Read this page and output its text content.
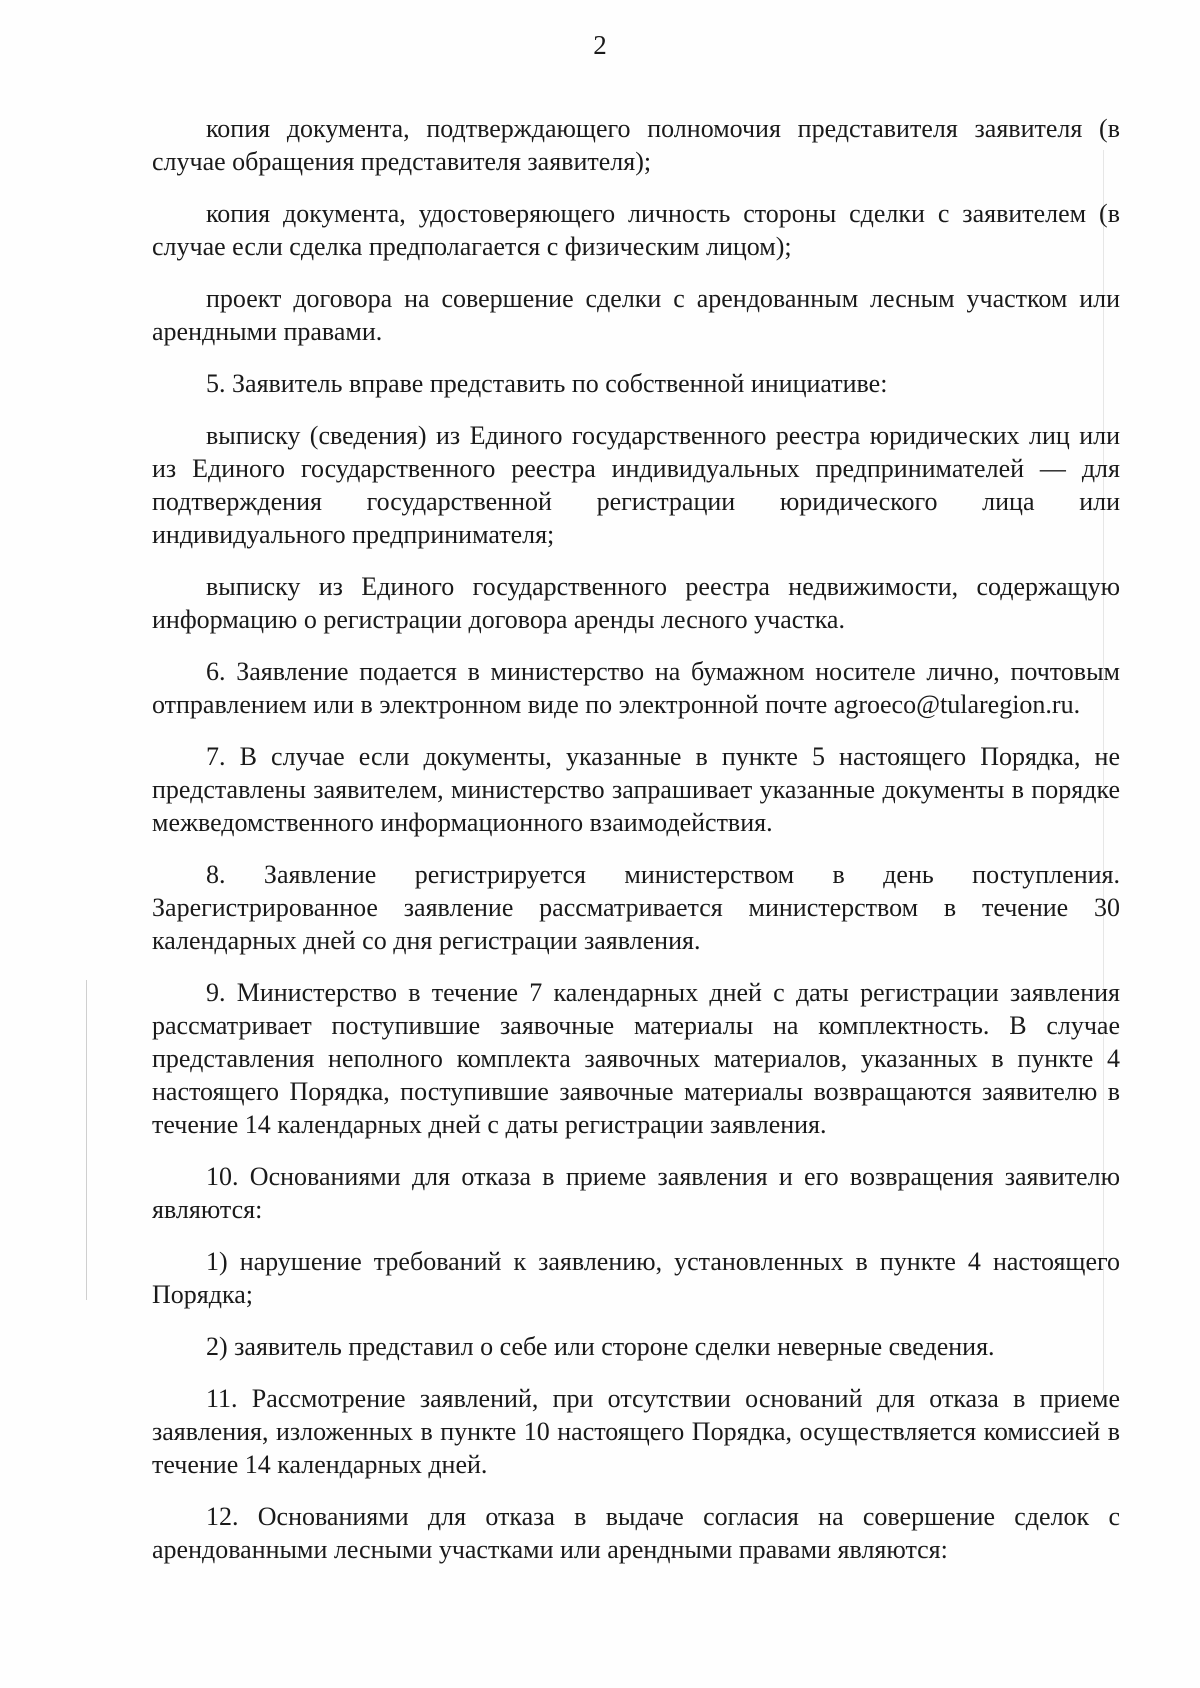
2

копия документа, подтверждающего полномочия представителя заявителя (в случае обращения представителя заявителя);

копия документа, удостоверяющего личность стороны сделки с заявителем (в случае если сделка предполагается с физическим лицом);

проект договора на совершение сделки с арендованным лесным участком или арендными правами.

5. Заявитель вправе представить по собственной инициативе:

выписку (сведения) из Единого государственного реестра юридических лиц или из Единого государственного реестра индивидуальных предпринимателей — для подтверждения государственной регистрации юридического лица или индивидуального предпринимателя;

выписку из Единого государственного реестра недвижимости, содержащую информацию о регистрации договора аренды лесного участка.

6. Заявление подается в министерство на бумажном носителе лично, почтовым отправлением или в электронном виде по электронной почте agroeco@tularegion.ru.

7. В случае если документы, указанные в пункте 5 настоящего Порядка, не представлены заявителем, министерство запрашивает указанные документы в порядке межведомственного информационного взаимодействия.

8. Заявление регистрируется министерством в день поступления. Зарегистрированное заявление рассматривается министерством в течение 30 календарных дней со дня регистрации заявления.

9. Министерство в течение 7 календарных дней с даты регистрации заявления рассматривает поступившие заявочные материалы на комплектность. В случае представления неполного комплекта заявочных материалов, указанных в пункте 4 настоящего Порядка, поступившие заявочные материалы возвращаются заявителю в течение 14 календарных дней с даты регистрации заявления.

10. Основаниями для отказа в приеме заявления и его возвращения заявителю являются:

1) нарушение требований к заявлению, установленных в пункте 4 настоящего Порядка;

2) заявитель представил о себе или стороне сделки неверные сведения.

11. Рассмотрение заявлений, при отсутствии оснований для отказа в приеме заявления, изложенных в пункте 10 настоящего Порядка, осуществляется комиссией в течение 14 календарных дней.

12. Основаниями для отказа в выдаче согласия на совершение сделок с арендованными лесными участками или арендными правами являются:
